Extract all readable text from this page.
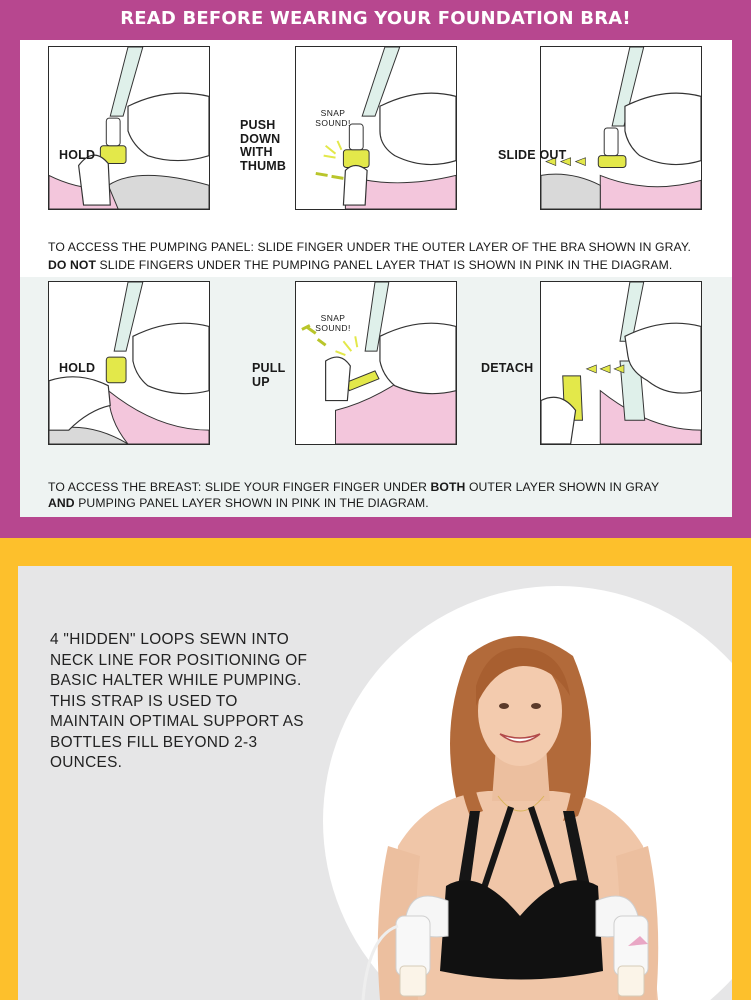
READ BEFORE WEARING YOUR FOUNDATION BRA!
HOLD
SNAP SOUND!
PUSH DOWN WITH THUMB
SLIDE OUT
TO ACCESS THE PUMPING PANEL: SLIDE FINGER UNDER THE OUTER LAYER OF THE BRA SHOWN IN GRAY.
DO NOT SLIDE FINGERS UNDER THE PUMPING PANEL LAYER THAT IS SHOWN IN PINK IN THE DIAGRAM.
HOLD
SNAP SOUND!
PULL UP
DETACH
TO ACCESS THE BREAST: SLIDE YOUR FINGER FINGER UNDER BOTH OUTER LAYER SHOWN IN GRAY
AND PUMPING PANEL LAYER SHOWN IN PINK IN THE DIAGRAM.
4 "HIDDEN" LOOPS SEWN INTO NECK LINE FOR POSITIONING OF BASIC HALTER WHILE PUMPING. THIS STRAP IS USED TO MAINTAIN OPTIMAL SUPPORT AS BOTTLES FILL BEYOND 2-3 OUNCES.
